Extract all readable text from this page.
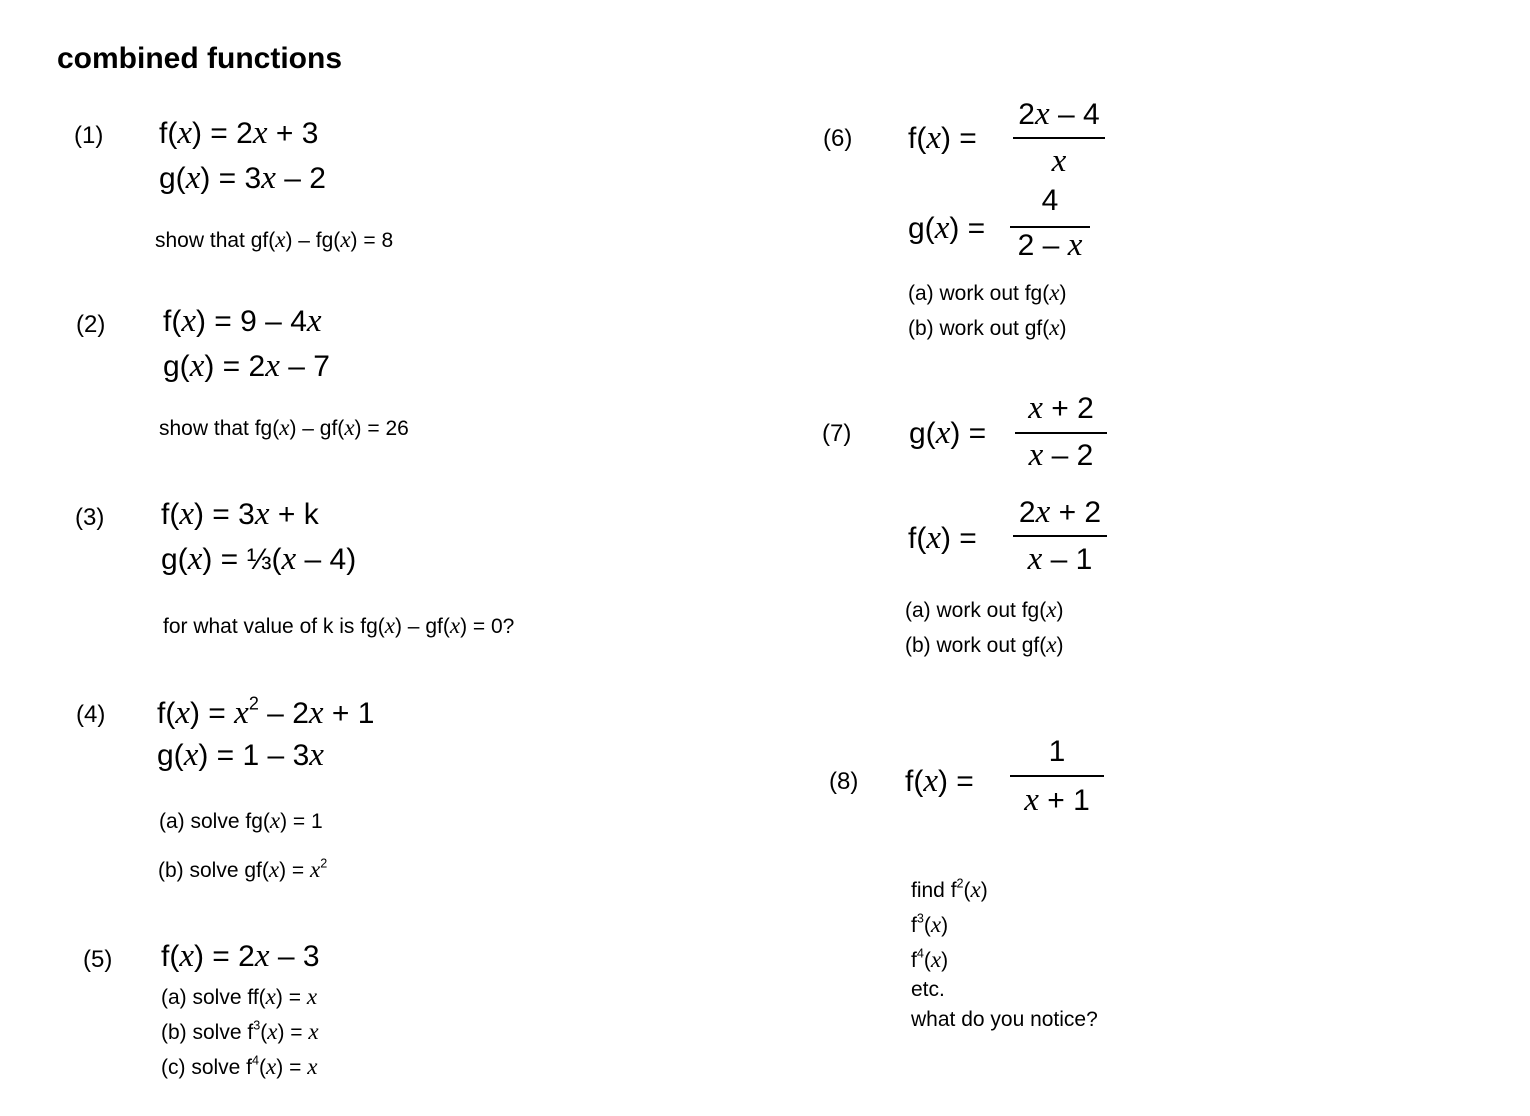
combined functions
(1) f(x) = 2x + 3
g(x) = 3x – 2
show that gf(x) – fg(x) = 8
(2) f(x) = 9 – 4x
g(x) = 2x – 7
show that fg(x) – gf(x) = 26
(3) f(x) = 3x + k
g(x) = ⅓(x – 4)
for what value of k is fg(x) – gf(x) = 0?
(4) $f(x) = x^2 - 2x + 1$
g(x) = 1 – 3x
(a) solve fg(x) = 1
(b) solve $gf(x) = x^2$
(5) f(x) = 2x – 3
(a) solve ff(x) = x
(b) solve $f^3(x) = x$
(c) solve $f^4(x) = x$
(6) f(x) =
2x – 4
x
g(x) =
4
2 – x
(a) work out fg(x)
(b) work out gf(x)
(7) g(x) =
x + 2
x – 2
f(x) =
2x + 2
x – 1
(a) work out fg(x)
(b) work out gf(x)
(8) f(x) =
1
x + 1
find $f^2(x)$
$f^3(x)$
$f^4(x)$
etc.
what do you notice?
